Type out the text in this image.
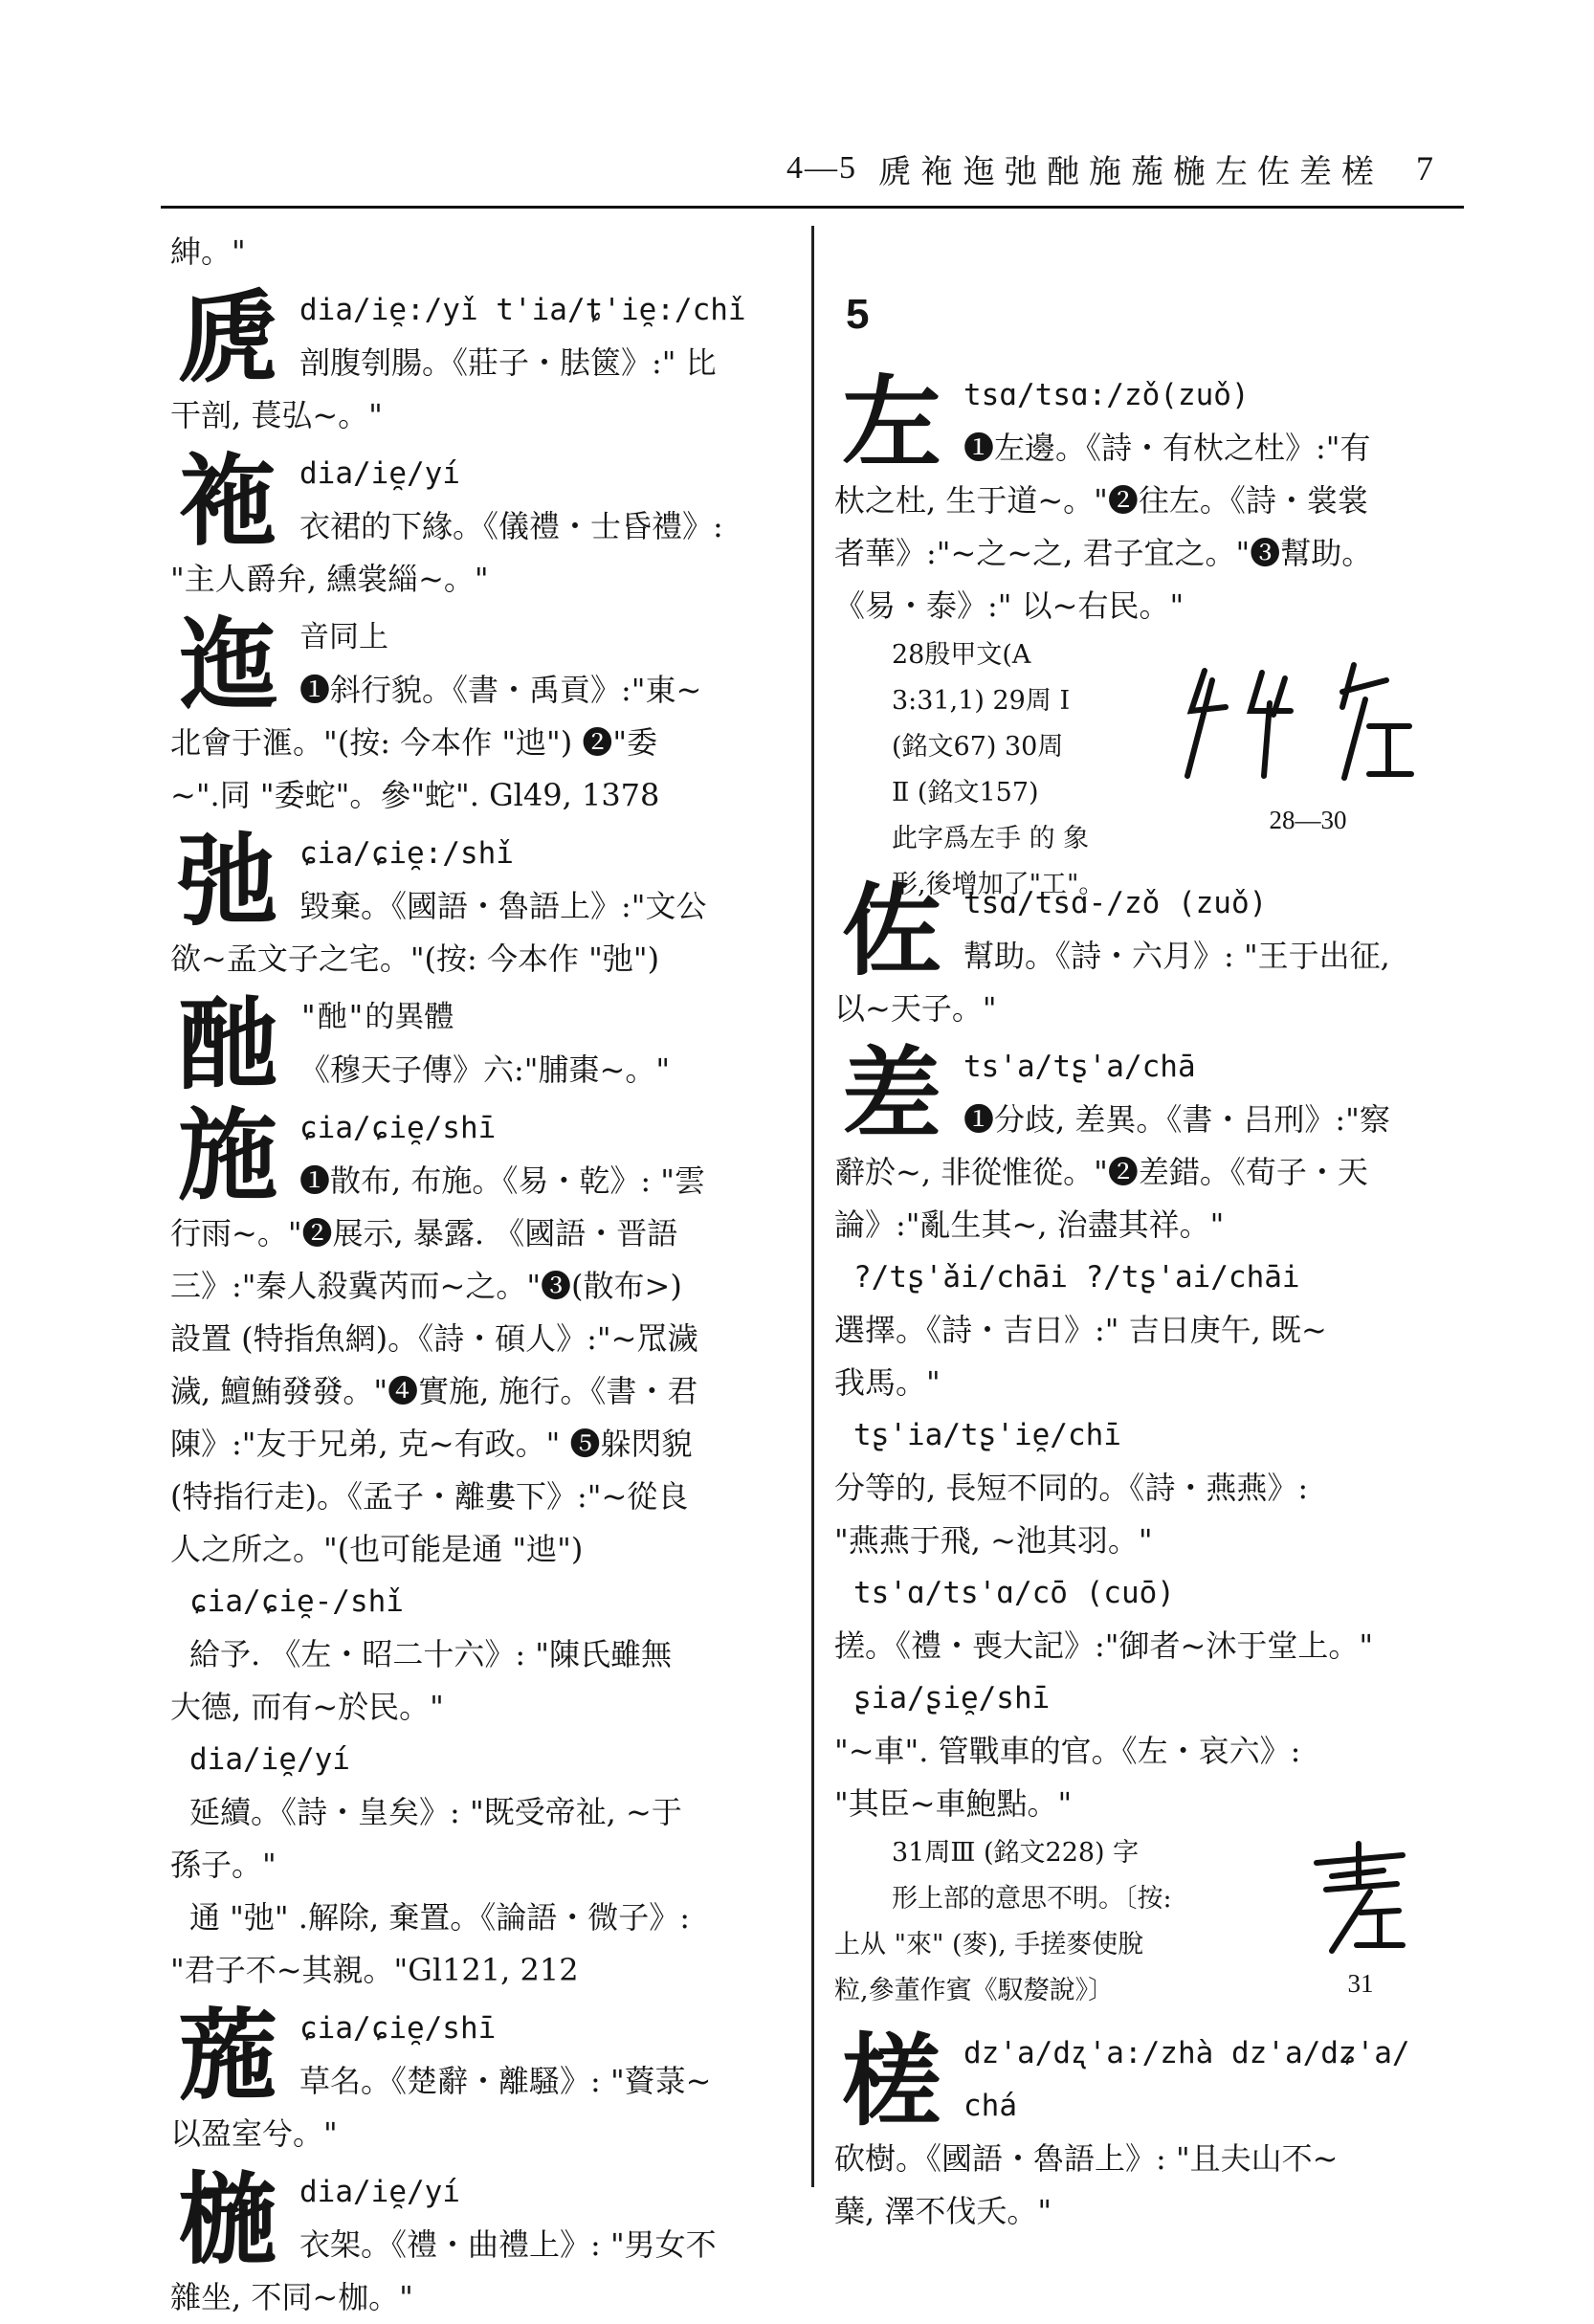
4—5 虒袘迤弛酏施葹椸左佐差槎 7
紳。"
虒 dia/ie̯:/yǐ t'ia/ȶ'ie̯:/chǐ
剖腹刳腸。《莊子・胠篋》:" 比
干剖, 萇弘~。"
袘 dia/ie̯/yí
衣裙的下緣。《儀禮・士昏禮》:
"主人爵弁, 纁裳緇~。"
迤 音同上
❶斜行貌。《書・禹貢》:"東~
北會于滙。"(按: 今本作 "迆") ❷"委
~".同 "委蛇"。參"蛇". Gl49, 1378
弛 ɕia/ɕie̯:/shǐ
毀棄。《國語・魯語上》:"文公
欲~孟文子之宅。"(按: 今本作 "弛")
酏 "酏"的異體
《穆天子傳》六:"脯棗~。"
施 ɕia/ɕie̯/shī
❶散布, 布施。《易・乾》: "雲
行雨~。"❷展示, 暴露. 《國語・晋語
三》:"秦人殺冀芮而~之。"❸(散布>)
設置 (特指魚網)。《詩・碩人》:"~罛濊
濊, 鱣鮪發發。"❹實施, 施行。《書・君
陳》:"友于兄弟, 克~有政。" ❺躲閃貌
(特指行走)。《孟子・離婁下》:"~從良
人之所之。"(也可能是通 "迆")
ɕia/ɕie̯-/shǐ
給予. 《左・昭二十六》: "陳氏雖無
大德, 而有~於民。"
dia/ie̯/yí
延續。《詩・皇矣》: "既受帝祉, ~于
孫子。"
通 "弛" .解除, 棄置。《論語・微子》:
"君子不~其親。"Gl121, 212
葹 ɕia/ɕie̯/shī
草名。《楚辭・離騷》: "薋菉~
以盈室兮。"
椸 dia/ie̯/yí
衣架。《禮・曲禮上》: "男女不
雜坐, 不同~枷。"
5
左 tsɑ/tsɑ:/zǒ(zuǒ)
❶左邊。《詩・有杕之杜》:"有
杕之杜, 生于道~。"❷往左。《詩・裳裳
者華》:"~之~之, 君子宜之。"❸幫助。
《易・泰》:" 以~右民。"
28殷甲文(A
3:31,1) 29周 I
(銘文67) 30周
Ⅱ (銘文157)
此字爲左手 的 象
形,後增加了"工"。
28—30
佐 tsɑ/tsɑ-/zǒ (zuǒ)
幫助。《詩・六月》: "王于出征,
以~天子。"
差 ts'a/tʂ'a/chā
❶分歧, 差異。《書・吕刑》:"察
辭於~, 非從惟從。"❷差錯。《荀子・天
論》:"亂生其~, 治盡其祥。"
?/tʂ'ǎi/chāi ?/tʂ'ai/chāi
選擇。《詩・吉日》:" 吉日庚午, 既~
我馬。"
tʂ'ia/tʂ'ie̯/chī
分等的, 長短不同的。《詩・燕燕》:
"燕燕于飛, ~池其羽。"
ts'ɑ/ts'ɑ/cō (cuō)
搓。《禮・喪大記》:"御者~沐于堂上。"
ʂia/ʂie̯/shī
"~車". 管戰車的官。《左・哀六》:
"其臣~車鮑點。"
31周Ⅲ (銘文228) 字
形上部的意思不明。〔按:
上从 "來" (麥), 手搓麥使脫
粒,參董作賓《馭嫠說》〕	31
槎 dz'a/dʐ'a:/zhà dz'a/dʑ'a/
chá
砍樹。《國語・魯語上》: "且夫山不~
蘖, 澤不伐夭。"
